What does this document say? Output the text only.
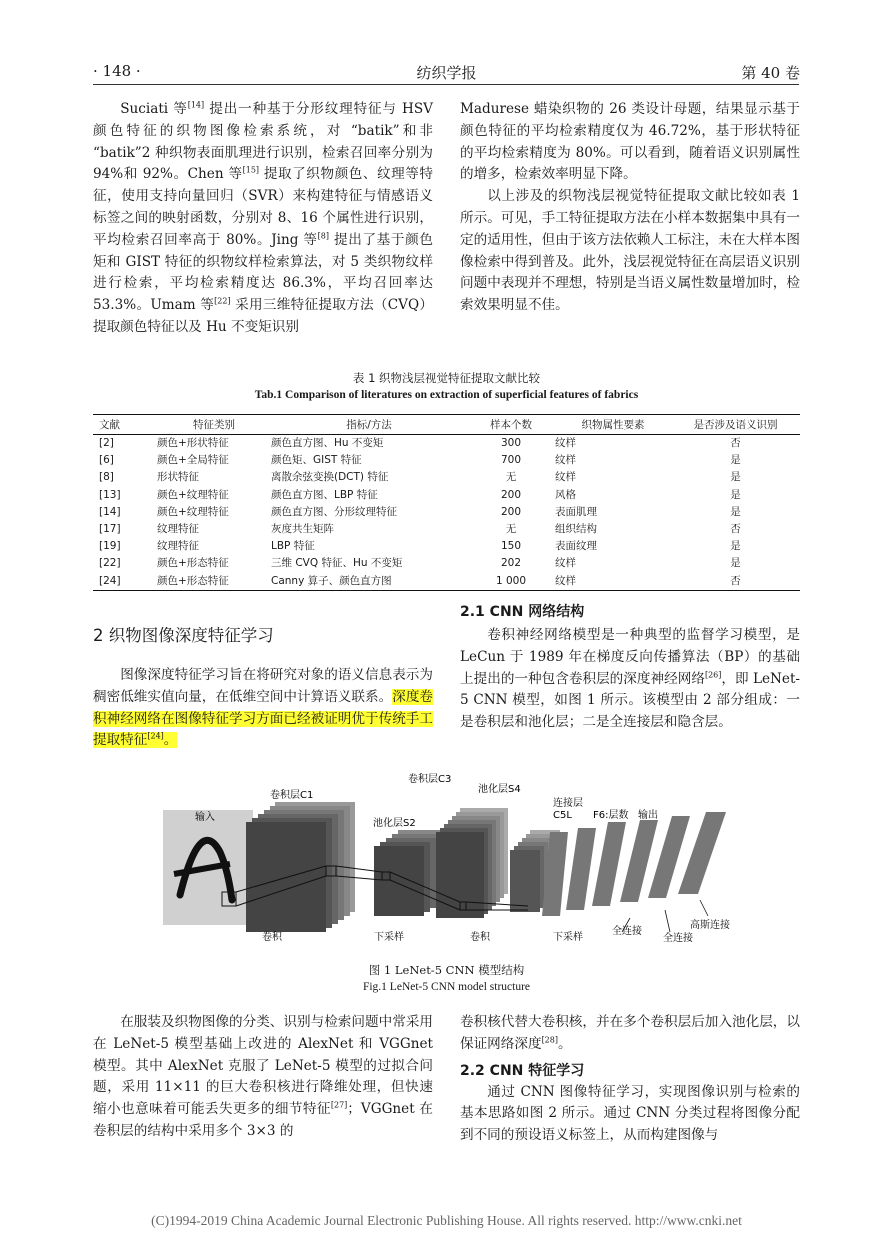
· 148 ·	纺织学报	第 40 卷

Suciati 等[14] 提出一种基于分形纹理特征与 HSV 颜色特征的织物图像检索系统，对 “batik”和非 “batik”2 种织物表面肌理进行识别，检索召回率分别为 94%和 92%。Chen 等[15] 提取了织物颜色、纹理等特征，使用支持向量回归（SVR）来构建特征与情感语义标签之间的映射函数，分别对 8、16 个属性进行识别，平均检索召回率高于 80%。Jing 等[8] 提出了基于颜色矩和 GIST 特征的织物纹样检索算法，对 5 类织物纹样进行检索，平均检索精度达 86.3%，平均召回率达 53.3%。Umam 等[22] 采用三维特征提取方法（CVQ）提取颜色特征以及 Hu 不变矩识别

Madurese 蜡染织物的 26 类设计母题，结果显示基于颜色特征的平均检索精度仅为 46.72%，基于形状特征的平均检索精度为 80%。可以看到，随着语义识别属性的增多，检索效率明显下降。

以上涉及的织物浅层视觉特征提取文献比较如表 1 所示。可见，手工特征提取方法在小样本数据集中具有一定的适用性，但由于该方法依赖人工标注，未在大样本图像检索中得到普及。此外，浅层视觉特征在高层语义识别问题中表现并不理想，特别是当语义属性数量增加时，检索效果明显不佳。

表 1 织物浅层视觉特征提取文献比较
Tab.1 Comparison of literatures on extraction of superficial features of fabrics
文献	特征类别	指标/方法	样本个数	织物属性要素	是否涉及语义识别
[2]	颜色+形状特征	颜色直方图、Hu 不变矩	300	纹样	否
[6]	颜色+全局特征	颜色矩、GIST 特征	700	纹样	是
[8]	形状特征	离散余弦变换(DCT) 特征	无	纹样	是
[13]	颜色+纹理特征	颜色直方图、LBP 特征	200	风格	是
[14]	颜色+纹理特征	颜色直方图、分形纹理特征	200	表面肌理	是
[17]	纹理特征	灰度共生矩阵	无	组织结构	否
[19]	纹理特征	LBP 特征	150	表面纹理	是
[22]	颜色+形态特征	三维 CVQ 特征、Hu 不变矩	202	纹样	是
[24]	颜色+形态特征	Canny 算子、颜色直方图	1 000	纹样	否
2 织物图像深度特征学习

图像深度特征学习旨在将研究对象的语义信息表示为稠密低维实值向量，在低维空间中计算语义联系。深度卷积神经网络在图像特征学习方面已经被证明优于传统手工提取特征[24]。

2.1 CNN 网络结构

卷积神经网络模型是一种典型的监督学习模型，是 LeCun 于 1989 年在梯度反向传播算法（BP）的基础上提出的一种包含卷积层的深度神经网络[26]，即 LeNet-5 CNN 模型，如图 1 所示。该模型由 2 部分组成：一是卷积层和池化层；二是全连接层和隐含层。

输入
卷积层C1
池化层S2
卷积层C3
池化层S4
连接层
C5L F6:层数 输出
卷积	下采样	卷积	下采样
全连接
全连接
高斯连接
图 1 LeNet-5 CNN 模型结构
Fig.1 LeNet-5 CNN model structure

在服装及织物图像的分类、识别与检索问题中常采用在 LeNet-5 模型基础上改进的 AlexNet 和 VGGnet 模型。其中 AlexNet 克服了 LeNet-5 模型的过拟合问题，采用 11×11 的巨大卷积核进行降维处理，但快速缩小也意味着可能丢失更多的细节特征[27]；VGGnet 在卷积层的结构中采用多个 3×3 的

卷积核代替大卷积核，并在多个卷积层后加入池化层，以保证网络深度[28]。

2.2 CNN 特征学习

通过 CNN 图像特征学习，实现图像识别与检索的基本思路如图 2 所示。通过 CNN 分类过程将图像分配到不同的预设语义标签上，从而构建图像与

(C)1994-2019 China Academic Journal Electronic Publishing House. All rights reserved. http://www.cnki.net
